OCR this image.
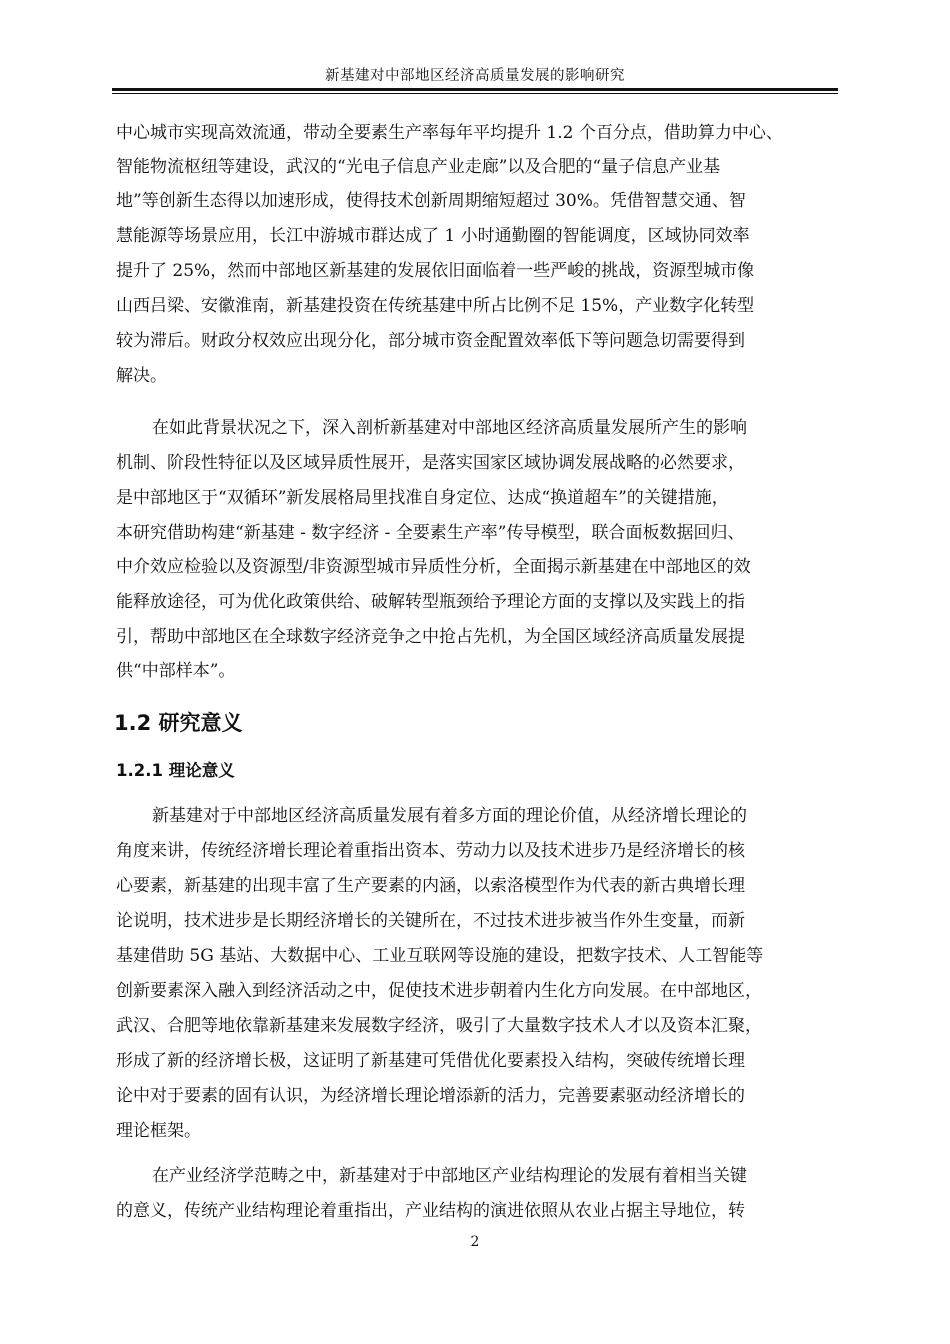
新基建对中部地区经济高质量发展的影响研究
中心城市实现高效流通，带动全要素生产率每年平均提升 1.2 个百分点，借助算力中心、
智能物流枢纽等建设，武汉的“光电子信息产业走廊”以及合肥的“量子信息产业基
地”等创新生态得以加速形成，使得技术创新周期缩短超过 30%。凭借智慧交通、智
慧能源等场景应用，长江中游城市群达成了 1 小时通勤圈的智能调度，区域协同效率
提升了 25%，然而中部地区新基建的发展依旧面临着一些严峻的挑战，资源型城市像
山西吕梁、安徽淮南，新基建投资在传统基建中所占比例不足 15%，产业数字化转型
较为滞后。财政分权效应出现分化，部分城市资金配置效率低下等问题急切需要得到
解决。
在如此背景状况之下，深入剖析新基建对中部地区经济高质量发展所产生的影响
机制、阶段性特征以及区域异质性展开，是落实国家区域协调发展战略的必然要求，
是中部地区于“双循环”新发展格局里找准自身定位、达成“换道超车”的关键措施，
本研究借助构建“新基建 - 数字经济 - 全要素生产率”传导模型，联合面板数据回归、
中介效应检验以及资源型/非资源型城市异质性分析，全面揭示新基建在中部地区的效
能释放途径，可为优化政策供给、破解转型瓶颈给予理论方面的支撑以及实践上的指
引，帮助中部地区在全球数字经济竞争之中抢占先机，为全国区域经济高质量发展提
供“中部样本”。
1.2 研究意义
1.2.1 理论意义
新基建对于中部地区经济高质量发展有着多方面的理论价值，从经济增长理论的
角度来讲，传统经济增长理论着重指出资本、劳动力以及技术进步乃是经济增长的核
心要素，新基建的出现丰富了生产要素的内涵，以索洛模型作为代表的新古典增长理
论说明，技术进步是长期经济增长的关键所在，不过技术进步被当作外生变量，而新
基建借助 5G 基站、大数据中心、工业互联网等设施的建设，把数字技术、人工智能等
创新要素深入融入到经济活动之中，促使技术进步朝着内生化方向发展。在中部地区，
武汉、合肥等地依靠新基建来发展数字经济，吸引了大量数字技术人才以及资本汇聚，
形成了新的经济增长极，这证明了新基建可凭借优化要素投入结构，突破传统增长理
论中对于要素的固有认识，为经济增长理论增添新的活力，完善要素驱动经济增长的
理论框架。
在产业经济学范畴之中，新基建对于中部地区产业结构理论的发展有着相当关键
的意义，传统产业结构理论着重指出，产业结构的演进依照从农业占据主导地位，转
2
